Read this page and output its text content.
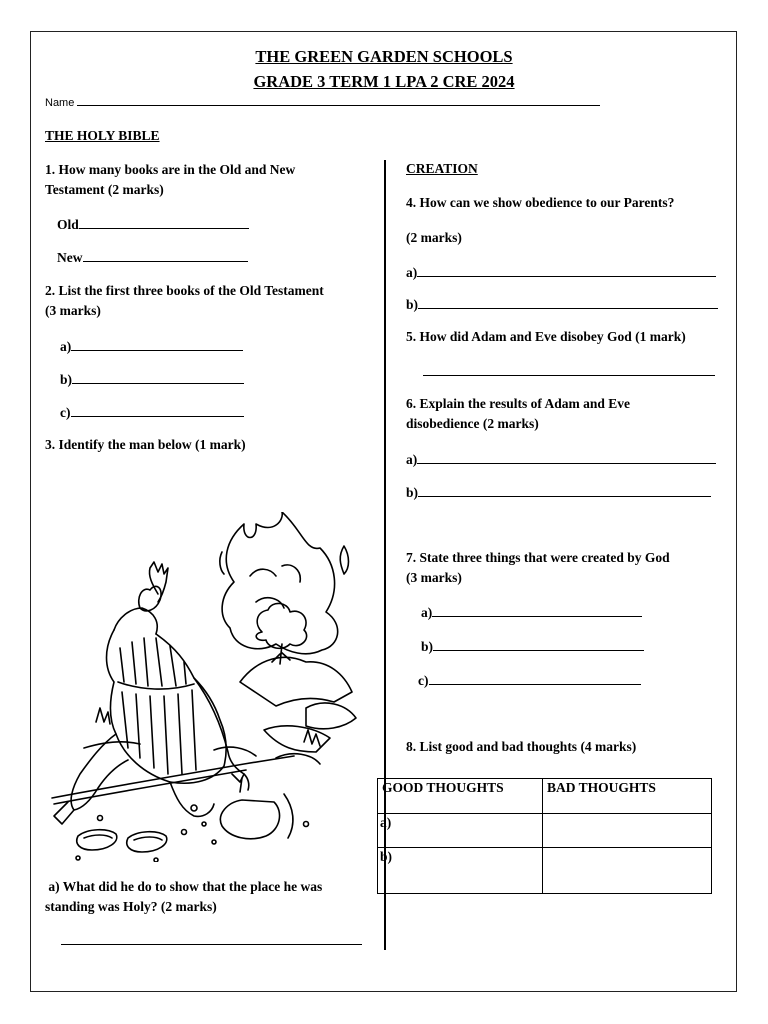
THE GREEN GARDEN SCHOOLS
GRADE 3 TERM 1 LPA 2 CRE 2024
Name
THE HOLY BIBLE
1. How many books are in the Old and New
Testament (2 marks)
Old
New
2. List the first three books of the Old Testament
(3 marks)
a)
b)
c)
3. Identify the man below (1 mark)
a) What did he do to show that the place he was
standing was Holy? (2 marks)
CREATION
4. How can we show obedience to our Parents?
(2 marks)
a)
b)
5. How did Adam and Eve disobey God (1 mark)
6. Explain the results of Adam and Eve
disobedience (2 marks)
a)
b)
7. State three things that were created by God
(3 marks)
a)
b)
c)
8. List good and bad thoughts (4 marks)
GOOD THOUGHTS	BAD THOUGHTS
a)	
b)	
